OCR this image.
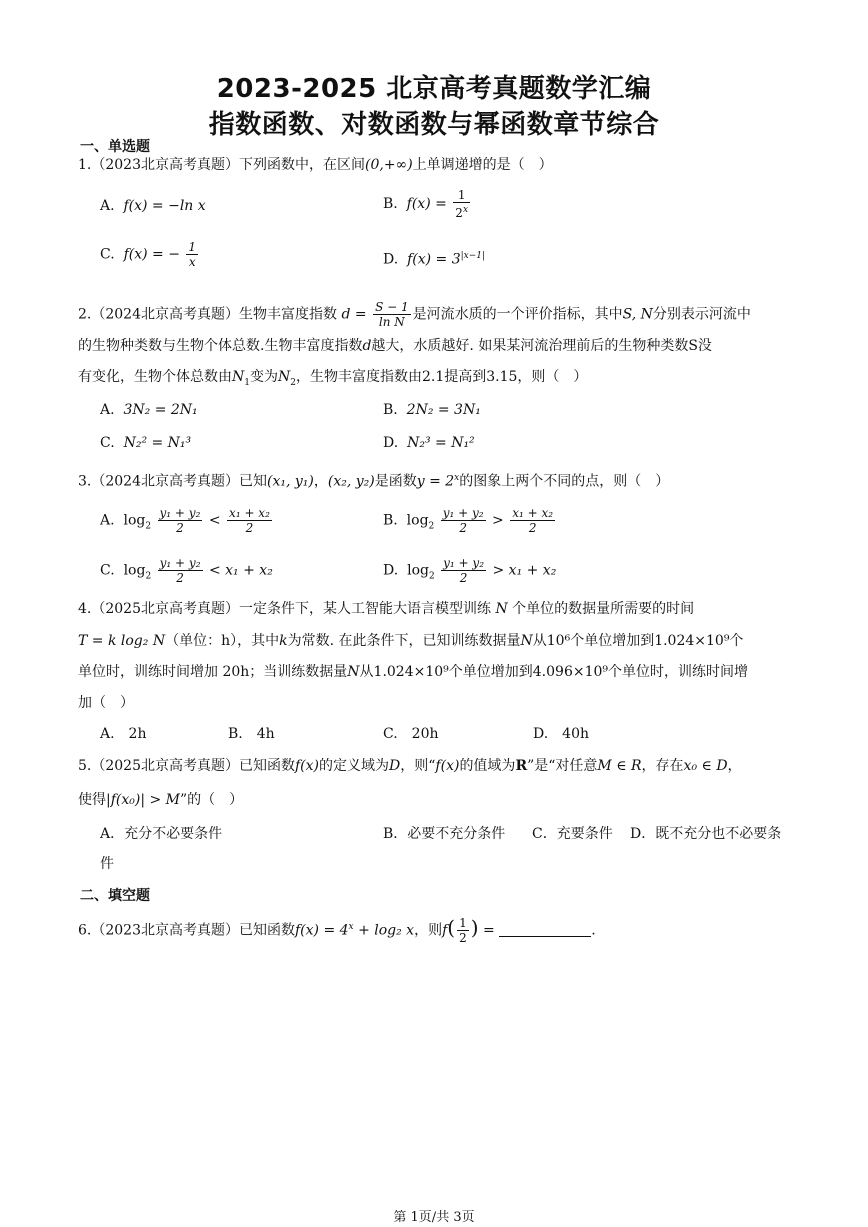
2023-2025 北京高考真题数学汇编
指数函数、对数函数与幂函数章节综合
一、单选题
1.（2023北京高考真题）下列函数中，在区间(0,+∞)上单调递增的是（　）
A. f(x) = −ln x	B. $f(x) = \frac{1}{2^x}$
C. f(x) = − $\frac{1}{x}$	D. $f(x) = 3^{|x-1|}$
2.（2024北京高考真题）生物丰富度指数 $d = \frac{S - 1}{\text{ln N}}$ 是河流水质的一个评价指标，其中S, N分别表示河流中
的生物种类数与生物个体总数.生物丰富度指数d越大，水质越好. 如果某河流治理前后的生物种类数S没
有变化，生物个体总数由$N_1$变为$N_2$，生物丰富度指数由2.1提高到3.15，则（　）
A. 3N₂ = 2N₁	B. 2N₂ = 3N₁
C. N₂² = N₁³	D. N₂³ = N₁²
3.（2024北京高考真题）已知(x₁, y₁)，(x₂, y₂)是函数$y = 2^x$的图象上两个不同的点，则（　）
A. $\log_2 \frac{\text{y₁ + y₂}}{2} < \frac{\text{x₁ + x₂}}{2}$	B. $\log_2 \frac{\text{y₁ + y₂}}{2} > \frac{\text{x₁ + x₂}}{2}$
C. $\log_2 \frac{\text{y₁ + y₂}}{2} < x_1 + x_2$	D. $\log_2 \frac{\text{y₁ + y₂}}{2} > x_1 + x_2$
4.（2025北京高考真题）一定条件下，某人工智能大语言模型训练 N 个单位的数据量所需要的时间
T = k log₂ N（单位：h），其中k为常数. 在此条件下，已知训练数据量N从10⁶个单位增加到1.024×10⁹个
单位时，训练时间增加 20h；当训练数据量N从1.024×10⁹个单位增加到4.096×10⁹个单位时，训练时间增
加（　）
A.　2h	B.　4h	C.　20h	D.　40h
5.（2025北京高考真题）已知函数f(x)的定义域为D，则“f(x)的值域为R”是“对任意M ∈ R，存在x₀ ∈ D，
使得|f(x₀)| > M”的（　）
A．充分不必要条件	B．必要不充分条件 C．充要条件 D．既不充分也不必要条
件
二、填空题
6.（2023北京高考真题）已知函数$f(x) = 4^x + \log_2$ x，则$f( \frac{1}{2}$ ) =	.
第 1页/共 3页
